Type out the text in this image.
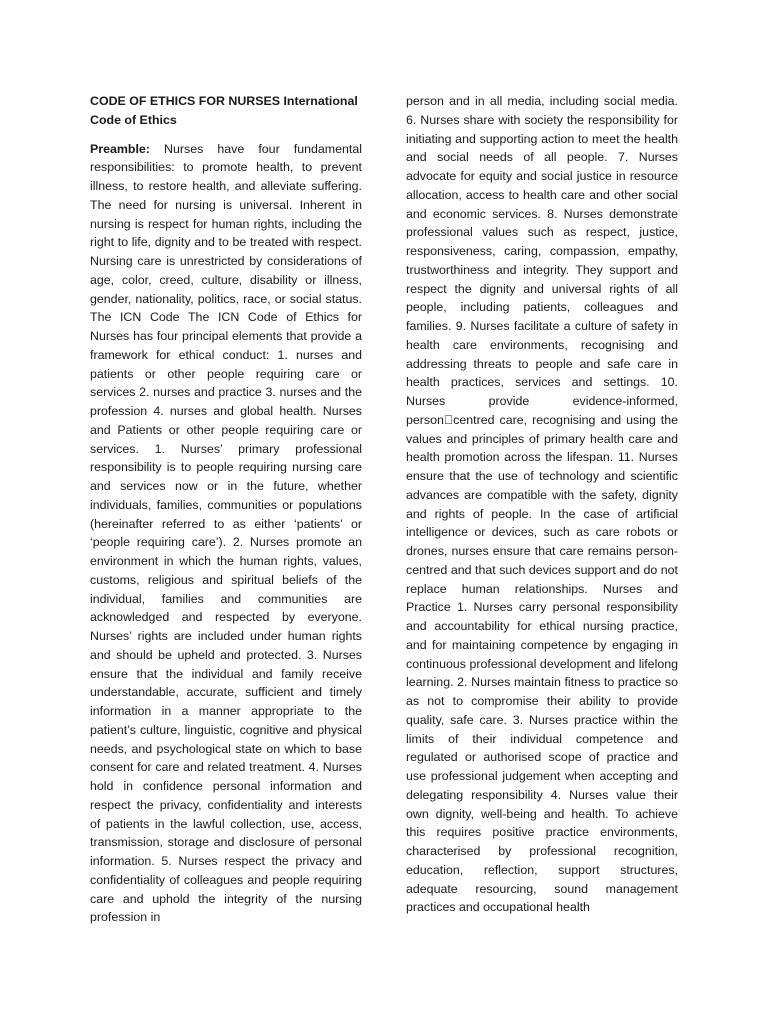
CODE OF ETHICS FOR NURSES International Code of Ethics

Preamble: Nurses have four fundamental responsibilities: to promote health, to prevent illness, to restore health, and alleviate suffering. The need for nursing is universal. Inherent in nursing is respect for human rights, including the right to life, dignity and to be treated with respect. Nursing care is unrestricted by considerations of age, color, creed, culture, disability or illness, gender, nationality, politics, race, or social status. The ICN Code The ICN Code of Ethics for Nurses has four principal elements that provide a framework for ethical conduct: 1. nurses and patients or other people requiring care or services 2. nurses and practice 3. nurses and the profession 4. nurses and global health. Nurses and Patients or other people requiring care or services. 1. Nurses’ primary professional responsibility is to people requiring nursing care and services now or in the future, whether individuals, families, communities or populations (hereinafter referred to as either ‘patients’ or ‘people requiring care’). 2. Nurses promote an environment in which the human rights, values, customs, religious and spiritual beliefs of the individual, families and communities are acknowledged and respected by everyone. Nurses’ rights are included under human rights and should be upheld and protected. 3. Nurses ensure that the individual and family receive understandable, accurate, sufficient and timely information in a manner appropriate to the patient’s culture, linguistic, cognitive and physical needs, and psychological state on which to base consent for care and related treatment. 4. Nurses hold in confidence personal information and respect the privacy, confidentiality and interests of patients in the lawful collection, use, access, transmission, storage and disclosure of personal information. 5. Nurses respect the privacy and confidentiality of colleagues and people requiring care and uphold the integrity of the nursing profession in

person and in all media, including social media. 6. Nurses share with society the responsibility for initiating and supporting action to meet the health and social needs of all people. 7. Nurses advocate for equity and social justice in resource allocation, access to health care and other social and economic services. 8. Nurses demonstrate professional values such as respect, justice, responsiveness, caring, compassion, empathy, trustworthiness and integrity. They support and respect the dignity and universal rights of all people, including patients, colleagues and families. 9. Nurses facilitate a culture of safety in health care environments, recognising and addressing threats to people and safe care in health practices, services and settings. 10. Nurses provide evidence-informed, person centred care, recognising and using the values and principles of primary health care and health promotion across the lifespan. 11. Nurses ensure that the use of technology and scientific advances are compatible with the safety, dignity and rights of people. In the case of artificial intelligence or devices, such as care robots or drones, nurses ensure that care remains person-centred and that such devices support and do not replace human relationships. Nurses and Practice 1. Nurses carry personal responsibility and accountability for ethical nursing practice, and for maintaining competence by engaging in continuous professional development and lifelong learning. 2. Nurses maintain fitness to practice so as not to compromise their ability to provide quality, safe care. 3. Nurses practice within the limits of their individual competence and regulated or authorised scope of practice and use professional judgement when accepting and delegating responsibility 4. Nurses value their own dignity, well-being and health. To achieve this requires positive practice environments, characterised by professional recognition, education, reflection, support structures, adequate resourcing, sound management practices and occupational health
